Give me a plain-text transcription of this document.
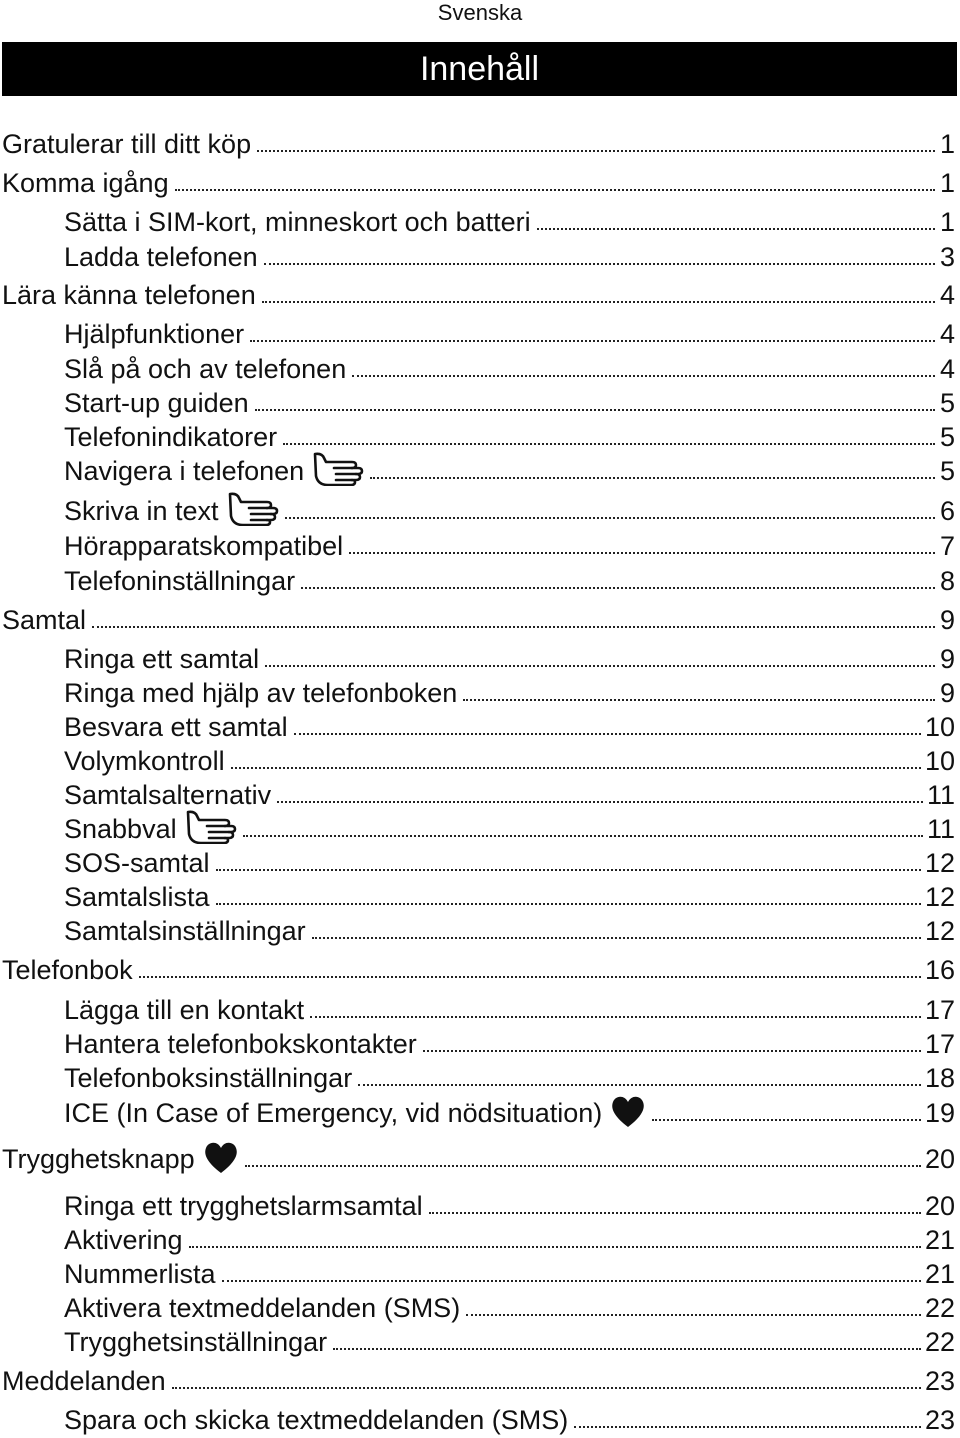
Svenska
Innehåll
Gratulerar till ditt köp	1
Komma igång	1
Sätta i SIM-kort, minneskort och batteri	1
Ladda telefonen	3
Lära känna telefonen	4
Hjälpfunktioner	4
Slå på och av telefonen	4
Start-up guiden	5
Telefonindikatorer	5
Navigera i telefonen	5
Skriva in text	6
Hörapparatskompatibel	7
Telefoninställningar	8
Samtal	9
Ringa ett samtal	9
Ringa med hjälp av telefonboken	9
Besvara ett samtal	10
Volymkontroll	10
Samtalsalternativ	11
Snabbval	11
SOS-samtal	12
Samtalslista	12
Samtalsinställningar	12
Telefonbok	16
Lägga till en kontakt	17
Hantera telefonbokskontakter	17
Telefonboksinställningar	18
ICE (In Case of Emergency, vid nödsituation)	19
Trygghetsknapp	20
Ringa ett trygghetslarmsamtal	20
Aktivering	21
Nummerlista	21
Aktivera textmeddelanden (SMS)	22
Trygghetsinställningar	22
Meddelanden	23
Spara och skicka textmeddelanden (SMS)	23
